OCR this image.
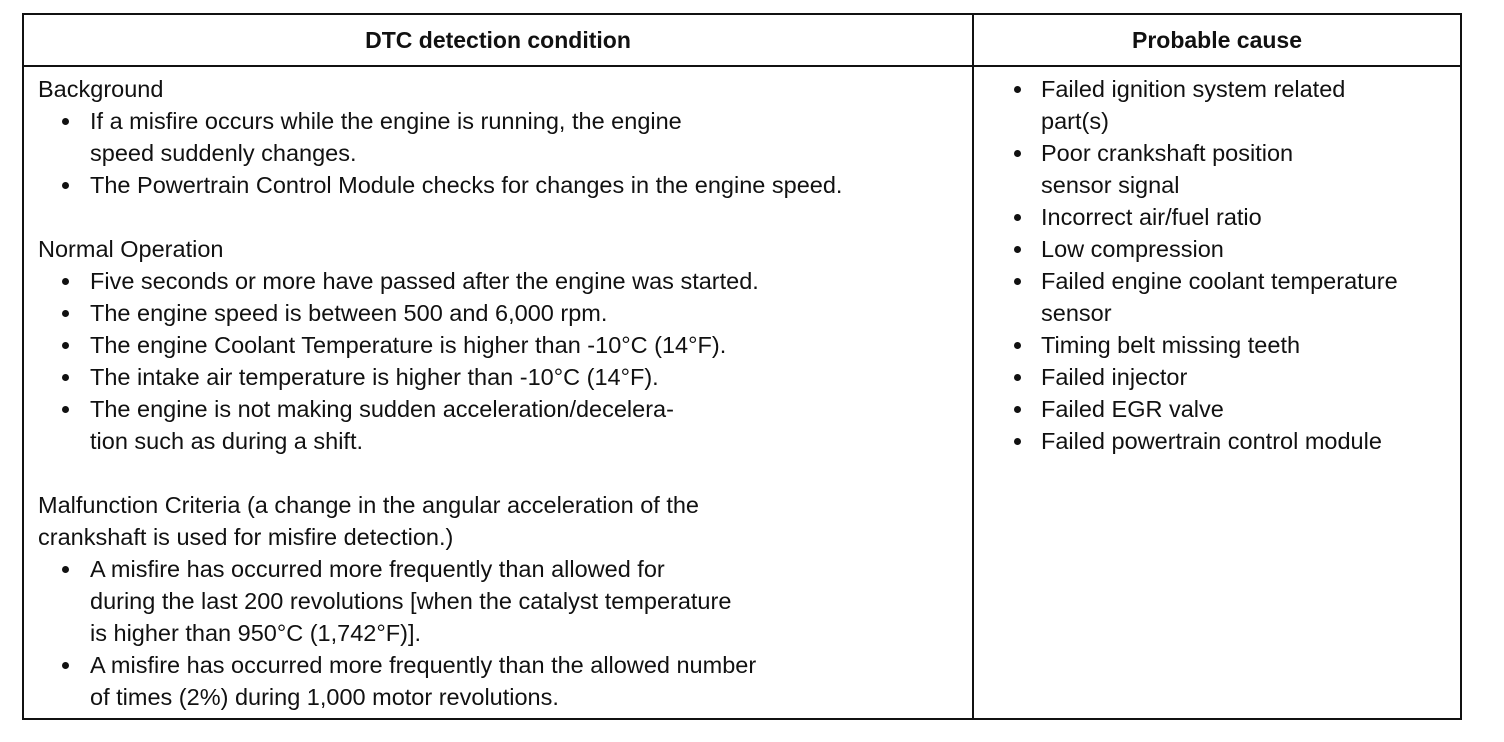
DTC detection condition	Probable cause
Background
If a misfire occurs while the engine is running, the engine
speed suddenly changes.
The Powertrain Control Module checks for changes in the engine speed.
Normal Operation
Five seconds or more have passed after the engine was started.
The engine speed is between 500 and 6,000 rpm.
The engine Coolant Temperature is higher than -10°C (14°F).
The intake air temperature is higher than -10°C (14°F).
The engine is not making sudden acceleration/decelera-
tion such as during a shift.
Malfunction Criteria (a change in the angular acceleration of the
crankshaft is used for misfire detection.)
A misfire has occurred more frequently than allowed for
during the last 200 revolutions [when the catalyst temperature
is higher than 950°C (1,742°F)].
A misfire has occurred more frequently than the allowed number
of times (2%) during 1,000 motor revolutions.
Failed ignition system related
part(s)
Poor crankshaft position
sensor signal
Incorrect air/fuel ratio
Low compression
Failed engine coolant temperature
sensor
Timing belt missing teeth
Failed injector
Failed EGR valve
Failed powertrain control module
